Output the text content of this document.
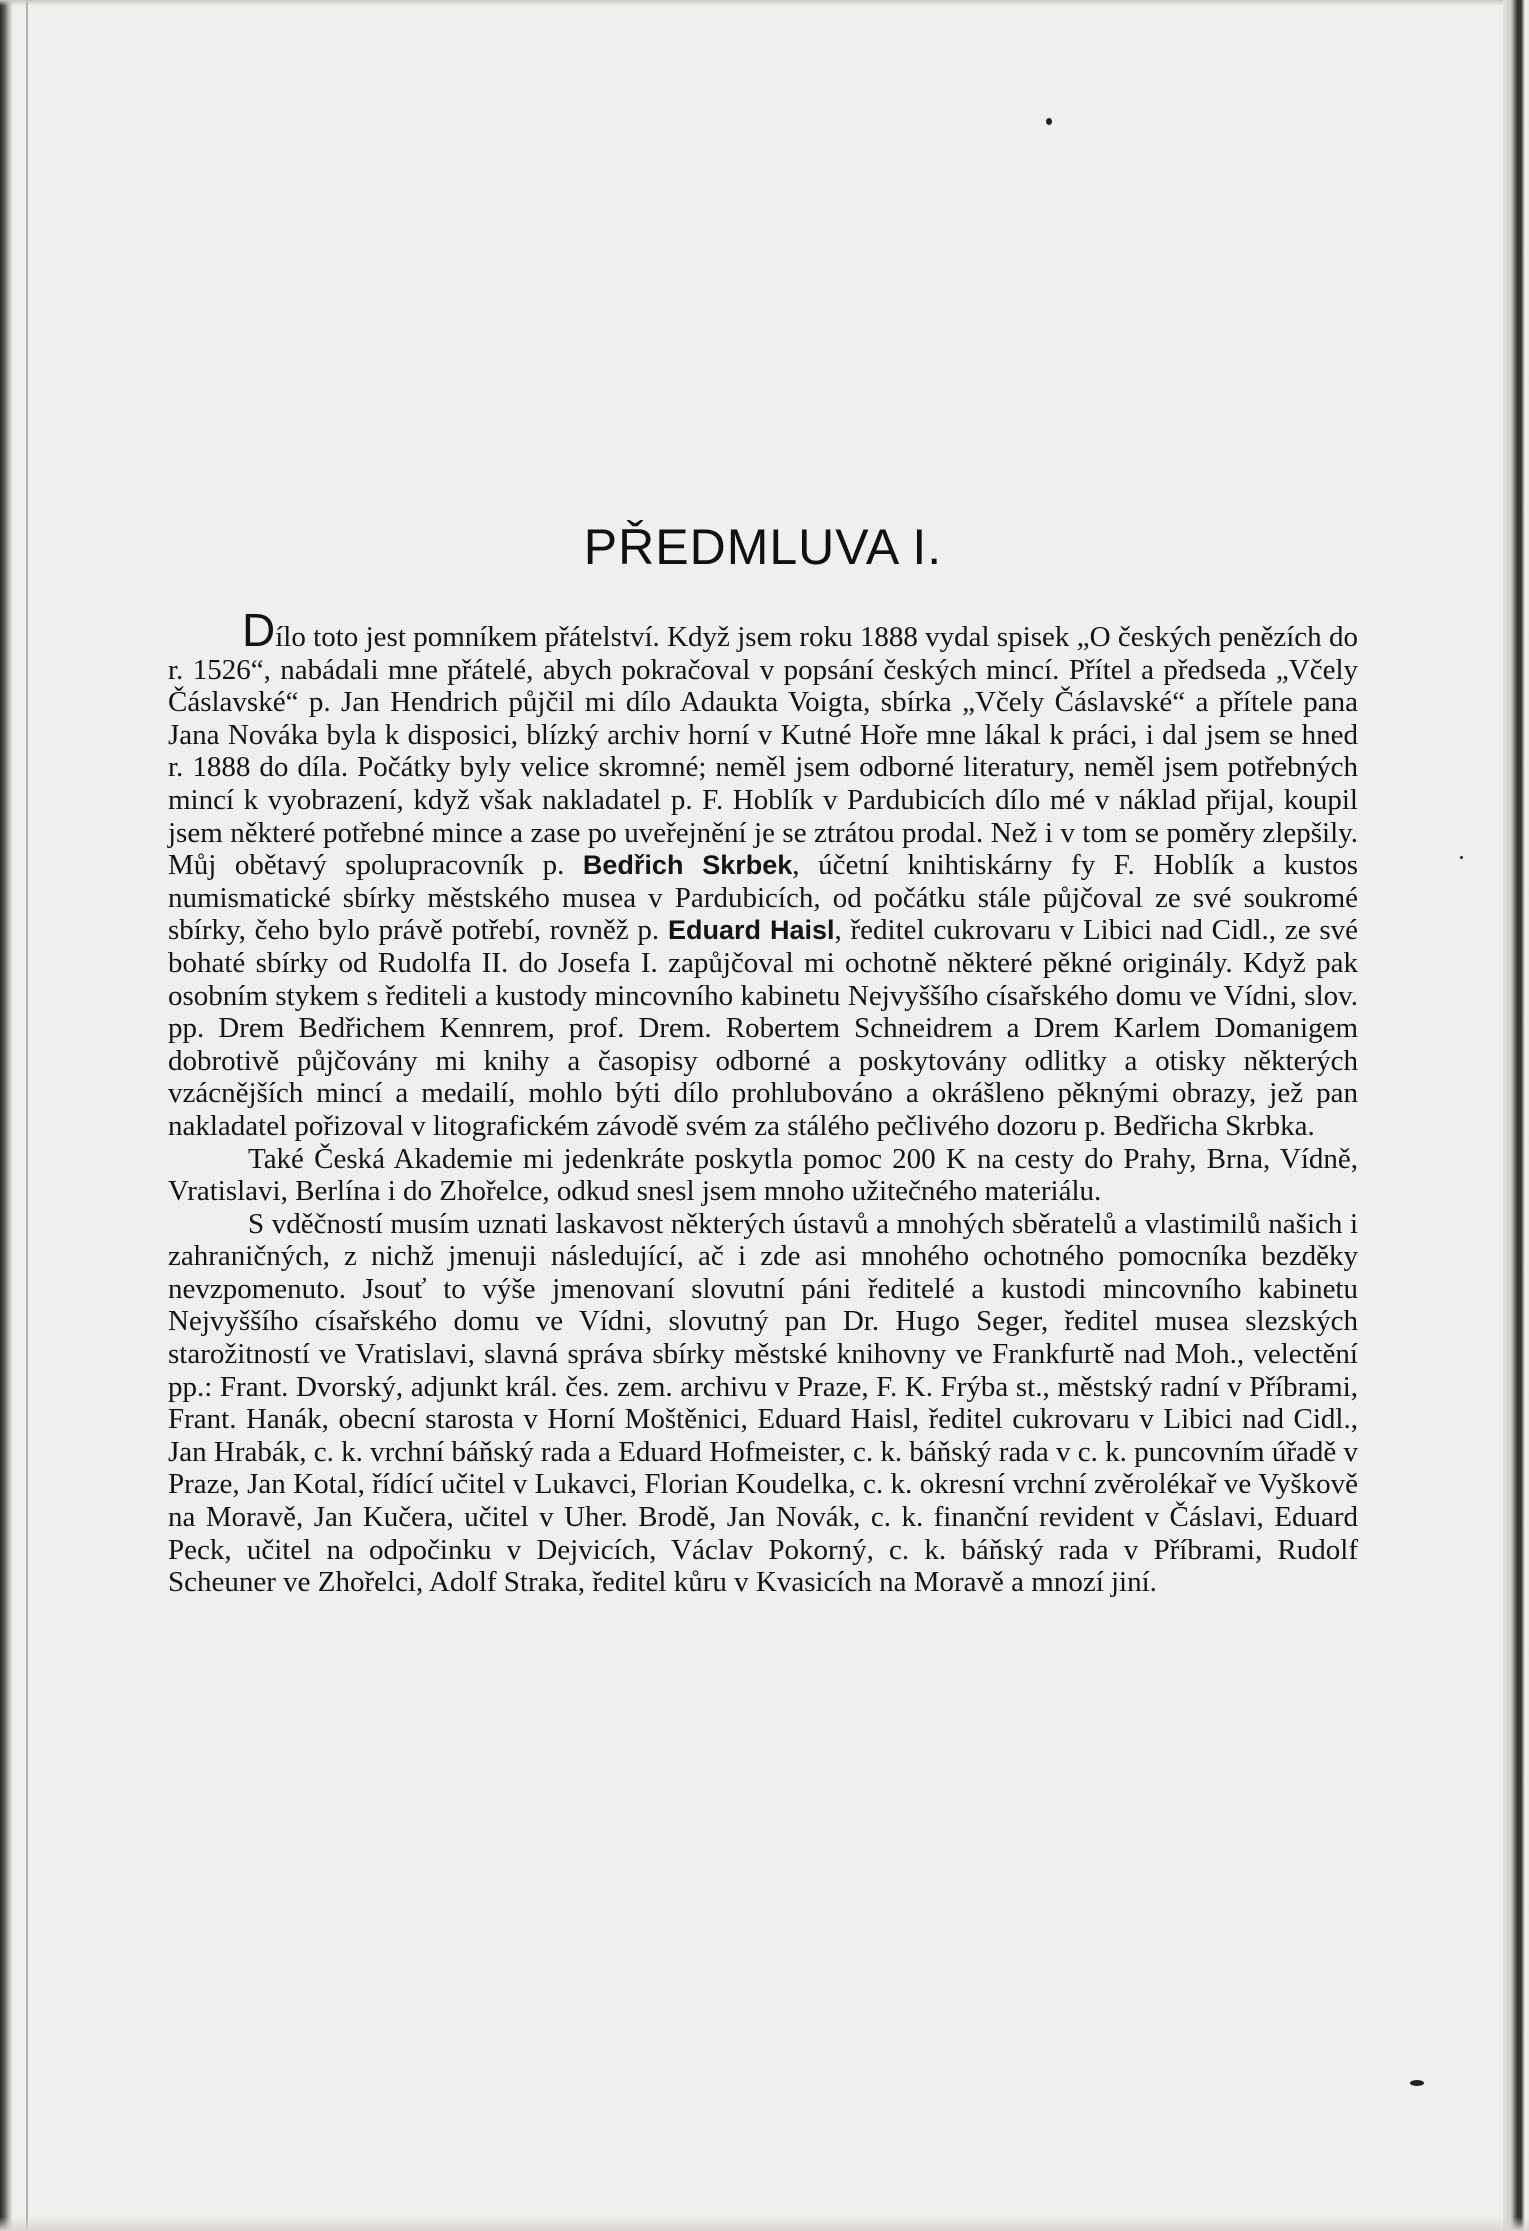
PŘEDMLUVA I.

Dílo toto jest pomníkem přátelství. Když jsem roku 1888 vydal spisek „O českých penězích do r. 1526“, nabádali mne přátelé, abych pokračoval v popsání českých mincí. Přítel a předseda „Včely Čáslavské“ p. Jan Hendrich půjčil mi dílo Adaukta Voigta, sbírka „Včely Čáslavské“ a přítele pana Jana Nováka byla k disposici, blízký archiv horní v Kutné Hoře mne lákal k práci, i dal jsem se hned r. 1888 do díla. Počátky byly velice skromné; neměl jsem odborné literatury, neměl jsem potřebných mincí k vyobrazení, když však nakladatel p. F. Hoblík v Pardubicích dílo mé v náklad přijal, koupil jsem některé potřebné mince a zase po uveřejnění je se ztrátou prodal. Než i v tom se poměry zlepšily. Můj obětavý spolupracovník p. Bedřich Skrbek, účetní knihtiskárny fy F. Hoblík a kustos numismatické sbírky městského musea v Pardubicích, od počátku stále půjčoval ze své soukromé sbírky, čeho bylo právě potřebí, rovněž p. Eduard Haisl, ředitel cukrovaru v Libici nad Cidl., ze své bohaté sbírky od Rudolfa II. do Josefa I. zapůjčoval mi ochotně některé pěkné originály. Když pak osobním stykem s řediteli a kustody mincovního kabinetu Nejvyššího císařského domu ve Vídni, slov. pp. Drem Bedřichem Kennrem, prof. Drem. Robertem Schneidrem a Drem Karlem Domanigem dobrotivě půjčovány mi knihy a časopisy odborné a poskytovány odlitky a otisky některých vzácnějších mincí a medailí, mohlo býti dílo prohlubováno a okrášleno pěknými obrazy, jež pan nakladatel pořizoval v litografickém závodě svém za stálého pečlivého dozoru p. Bedřicha Skrbka.

Také Česká Akademie mi jedenkráte poskytla pomoc 200 K na cesty do Prahy, Brna, Vídně, Vratislavi, Berlína i do Zhořelce, odkud snesl jsem mnoho užitečného materiálu.

S vděčností musím uznati laskavost některých ústavů a mnohých sběratelů a vlastimilů našich i zahraničných, z nichž jmenuji následující, ač i zde asi mnohého ochotného pomocníka bezděky nevzpomenuto. Jsouť to výše jmenovaní slovutní páni ředitelé a kustodi mincovního kabinetu Nejvyššího císařského domu ve Vídni, slovutný pan Dr. Hugo Seger, ředitel musea slezských starožitností ve Vratislavi, slavná správa sbírky městské knihovny ve Frankfurtě nad Moh., velectění pp.: Frant. Dvorský, adjunkt král. čes. zem. archivu v Praze, F. K. Frýba st., městský radní v Příbrami, Frant. Hanák, obecní starosta v Horní Moštěnici, Eduard Haisl, ředitel cukrovaru v Libici nad Cidl., Jan Hrabák, c. k. vrchní báňský rada a Eduard Hofmeister, c. k. báňský rada v c. k. puncovním úřadě v Praze, Jan Kotal, řídící učitel v Lukavci, Florian Koudelka, c. k. okresní vrchní zvěrolékař ve Vyškově na Moravě, Jan Kučera, učitel v Uher. Brodě, Jan Novák, c. k. finanční revident v Čáslavi, Eduard Peck, učitel na odpočinku v Dejvicích, Václav Pokorný, c. k. báňský rada v Příbrami, Rudolf Scheuner ve Zhořelci, Adolf Straka, ředitel kůru v Kvasicích na Moravě a mnozí jiní.
